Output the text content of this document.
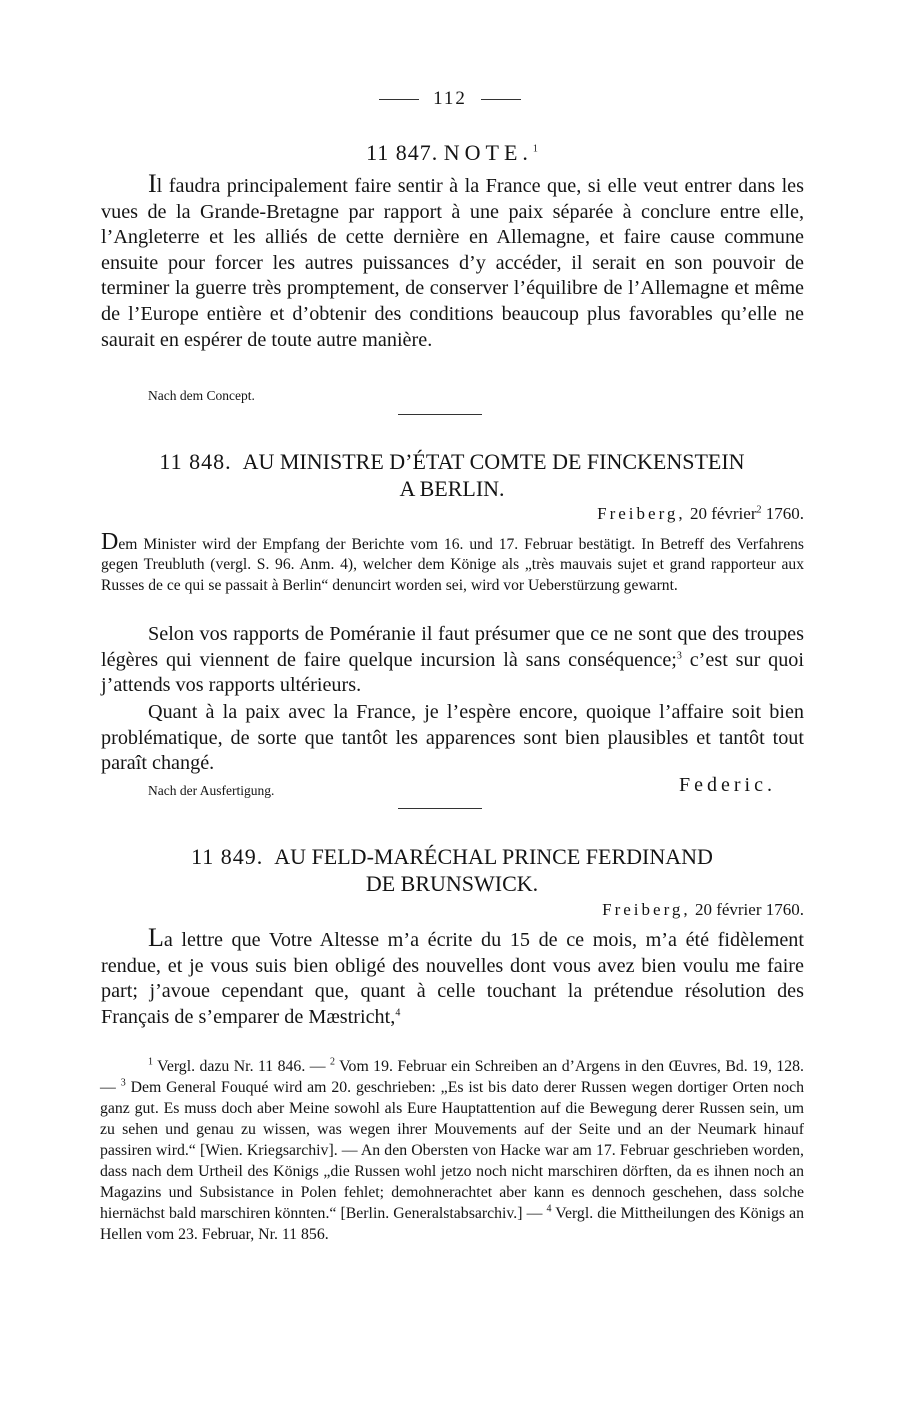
112
11 847. NOTE.$^1$
Il faudra principalement faire sentir à la France que, si elle veut entrer dans les vues de la Grande-Bretagne par rapport à une paix séparée à conclure entre elle, l’Angleterre et les alliés de cette dernière en Allemagne, et faire cause commune ensuite pour forcer les autres puissances d’y accéder, il serait en son pouvoir de terminer la guerre très promptement, de conserver l’équilibre de l’Allemagne et même de l’Europe entière et d’obtenir des conditions beaucoup plus favorables qu’elle ne saurait en espérer de toute autre manière.
Nach dem Concept.
11 848. AU MINISTRE D’ÉTAT COMTE DE FINCKENSTEIN
A BERLIN.
Freiberg, 20 février$^2$ 1760.
Dem Minister wird der Empfang der Berichte vom 16. und 17. Februar bestätigt. In Betreff des Verfahrens gegen Treubluth (vergl. S. 96. Anm. 4), welcher dem Könige als „très mauvais sujet et grand rapporteur aux Russes de ce qui se passait à Berlin“ denuncirt worden sei, wird vor Ueberstürzung gewarnt.
Selon vos rapports de Poméranie il faut présumer que ce ne sont que des troupes légères qui viennent de faire quelque incursion là sans conséquence;$^3$ c’est sur quoi j’attends vos rapports ultérieurs.
Quant à la paix avec la France, je l’espère encore, quoique l’affaire soit bien problématique, de sorte que tantôt les apparences sont bien plausibles et tantôt tout paraît changé.
Nach der Ausfertigung.	Federic.
11 849. AU FELD-MARÉCHAL PRINCE FERDINAND
DE BRUNSWICK.
Freiberg, 20 février 1760.
La lettre que Votre Altesse m’a écrite du 15 de ce mois, m’a été fidèlement rendue, et je vous suis bien obligé des nouvelles dont vous avez bien voulu me faire part; j’avoue cependant que, quant à celle touchant la prétendue résolution des Français de s’emparer de Mæstricht,$^4$

$^1$ Vergl. dazu Nr. 11 846. — $^2$ Vom 19. Februar ein Schreiben an d’Argens in den Œuvres, Bd. 19, 128. — $^3$ Dem General Fouqué wird am 20. geschrieben: „Es ist bis dato derer Russen wegen dortiger Orten noch ganz gut. Es muss doch aber Meine sowohl als Eure Hauptattention auf die Bewegung derer Russen sein, um zu sehen und genau zu wissen, was wegen ihrer Mouvements auf der Seite und an der Neumark hinauf passiren wird.“ [Wien. Kriegsarchiv]. — An den Obersten von Hacke war am 17. Februar geschrieben worden, dass nach dem Urtheil des Königs „die Russen wohl jetzo noch nicht marschiren dörften, da es ihnen noch an Magazins und Subsistance in Polen fehlet; demohnerachtet aber kann es dennoch geschehen, dass solche hiernächst bald marschiren könnten.“ [Berlin. Generalstabsarchiv.] — $^4$ Vergl. die Mittheilungen des Königs an Hellen vom 23. Februar, Nr. 11 856.
